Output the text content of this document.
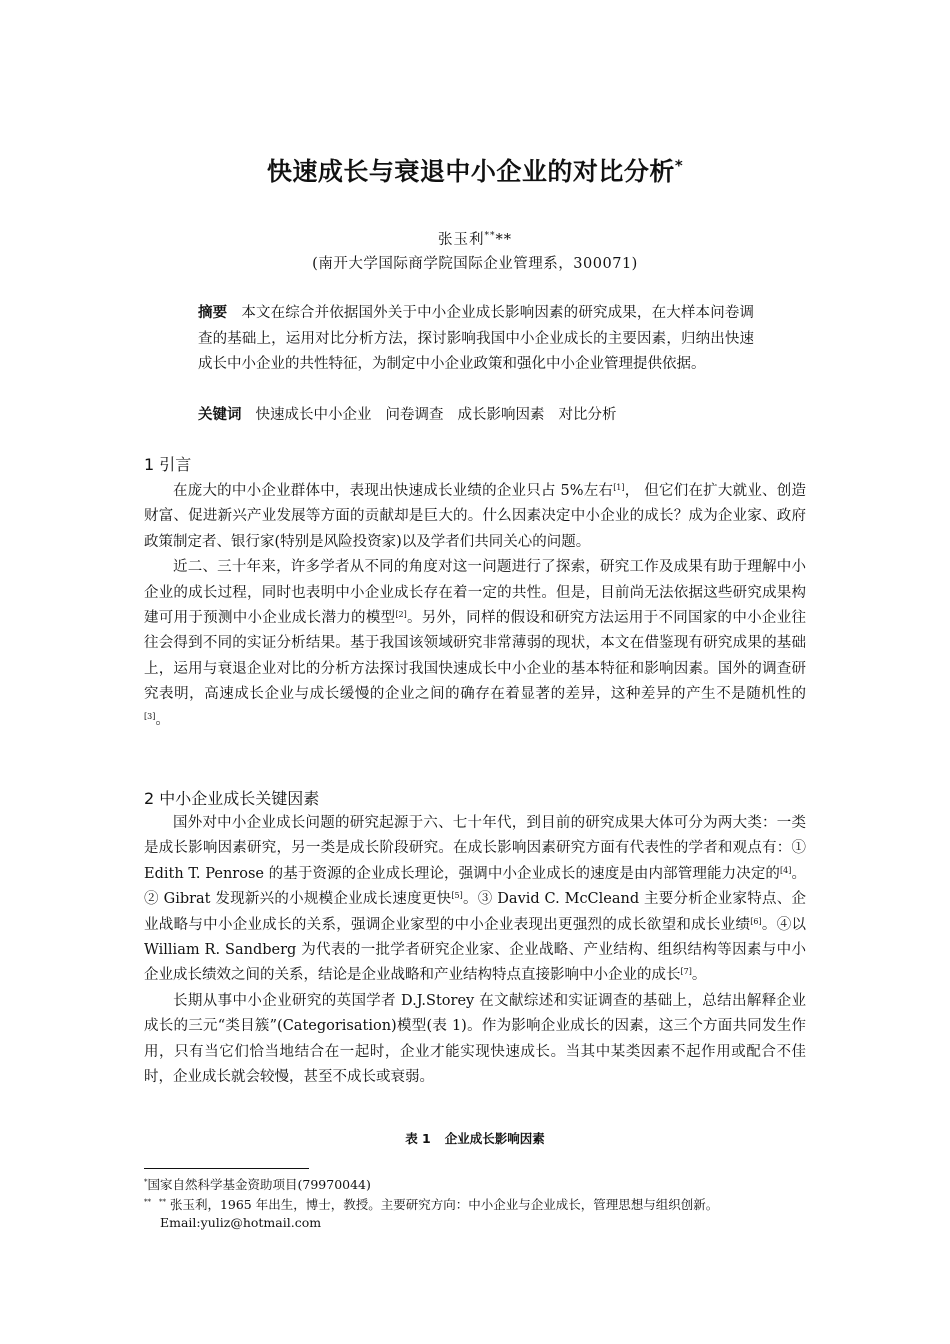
快速成长与衰退中小企业的对比分析*
张玉利****
(南开大学国际商学院国际企业管理系，300071)
摘要 本文在综合并依据国外关于中小企业成长影响因素的研究成果，在大样本问卷调查的基础上，运用对比分析方法，探讨影响我国中小企业成长的主要因素，归纳出快速成长中小企业的共性特征，为制定中小企业政策和强化中小企业管理提供依据。
关键词 快速成长中小企业 问卷调查 成长影响因素 对比分析
1 引言

在庞大的中小企业群体中，表现出快速成长业绩的企业只占 5%左右[1]， 但它们在扩大就业、创造财富、促进新兴产业发展等方面的贡献却是巨大的。什么因素决定中小企业的成长？成为企业家、政府政策制定者、银行家(特别是风险投资家)以及学者们共同关心的问题。

近二、三十年来，许多学者从不同的角度对这一问题进行了探索，研究工作及成果有助于理解中小企业的成长过程，同时也表明中小企业成长存在着一定的共性。但是，目前尚无法依据这些研究成果构建可用于预测中小企业成长潜力的模型[2]。另外，同样的假设和研究方法运用于不同国家的中小企业往往会得到不同的实证分析结果。基于我国该领域研究非常薄弱的现状，本文在借鉴现有研究成果的基础上，运用与衰退企业对比的分析方法探讨我国快速成长中小企业的基本特征和影响因素。国外的调查研究表明，高速成长企业与成长缓慢的企业之间的确存在着显著的差异，这种差异的产生不是随机性的[3]。

2 中小企业成长关键因素

国外对中小企业成长问题的研究起源于六、七十年代，到目前的研究成果大体可分为两大类：一类是成长影响因素研究，另一类是成长阶段研究。在成长影响因素研究方面有代表性的学者和观点有：① Edith T. Penrose 的基于资源的企业成长理论，强调中小企业成长的速度是由内部管理能力决定的[4]。② Gibrat 发现新兴的小规模企业成长速度更快[5]。③ David C. McCleand 主要分析企业家特点、企业战略与中小企业成长的关系，强调企业家型的中小企业表现出更强烈的成长欲望和成长业绩[6]。④以 William R. Sandberg 为代表的一批学者研究企业家、企业战略、产业结构、组织结构等因素与中小企业成长绩效之间的关系，结论是企业战略和产业结构特点直接影响中小企业的成长[7]。

长期从事中小企业研究的英国学者 D.J.Storey 在文献综述和实证调查的基础上，总结出解释企业成长的三元“类目簇”(Categorisation)模型(表 1)。作为影响企业成长的因素，这三个方面共同发生作用，只有当它们恰当地结合在一起时，企业才能实现快速成长。当其中某类因素不起作用或配合不佳时，企业成长就会较慢，甚至不成长或衰弱。

表 1 企业成长影响因素
*国家自然科学基金资助项目(79970044)
** ** 张玉利，1965 年出生，博士，教授。主要研究方向：中小企业与企业成长，管理思想与组织创新。
Email:yuliz@hotmail.com
